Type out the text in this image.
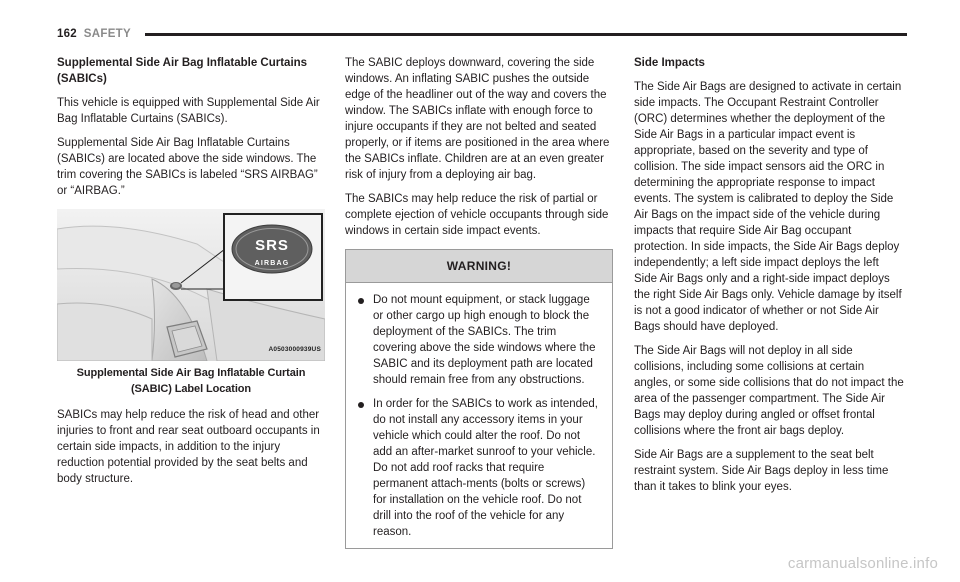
162 SAFETY
Supplemental Side Air Bag Inflatable Curtains (SABICs)

This vehicle is equipped with Supplemental Side Air Bag Inflatable Curtains (SABICs).

Supplemental Side Air Bag Inflatable Curtains (SABICs) are located above the side windows. The trim covering the SABICs is labeled “SRS AIRBAG” or “AIRBAG.”

SRS
AIRBAG
A0503000939US
Supplemental Side Air Bag Inflatable Curtain (SABIC) Label Location

SABICs may help reduce the risk of head and other injuries to front and rear seat outboard occupants in certain side impacts, in addition to the injury reduction potential provided by the seat belts and body structure.

The SABIC deploys downward, covering the side windows. An inflating SABIC pushes the outside edge of the headliner out of the way and covers the window. The SABICs inflate with enough force to injure occupants if they are not belted and seated properly, or if items are positioned in the area where the SABICs inflate. Children are at an even greater risk of injury from a deploying air bag.

The SABICs may help reduce the risk of partial or complete ejection of vehicle occupants through side windows in certain side impact events.

WARNING!
Do not mount equipment, or stack luggage or other cargo up high enough to block the deployment of the SABICs. The trim covering above the side windows where the SABIC and its deployment path are located should remain free from any obstructions.
In order for the SABICs to work as intended, do not install any accessory items in your vehicle which could alter the roof. Do not add an after-market sunroof to your vehicle. Do not add roof racks that require permanent attach-ments (bolts or screws) for installation on the vehicle roof. Do not drill into the roof of the vehicle for any reason.
Side Impacts

The Side Air Bags are designed to activate in certain side impacts. The Occupant Restraint Controller (ORC) determines whether the deployment of the Side Air Bags in a particular impact event is appropriate, based on the severity and type of collision. The side impact sensors aid the ORC in determining the appropriate response to impact events. The system is calibrated to deploy the Side Air Bags on the impact side of the vehicle during impacts that require Side Air Bag occupant protection. In side impacts, the Side Air Bags deploy independently; a left side impact deploys the left Side Air Bags only and a right-side impact deploys the right Side Air Bags only. Vehicle damage by itself is not a good indicator of whether or not Side Air Bags should have deployed.

The Side Air Bags will not deploy in all side collisions, including some collisions at certain angles, or some side collisions that do not impact the area of the passenger compartment. The Side Air Bags may deploy during angled or offset frontal collisions where the front air bags deploy.

Side Air Bags are a supplement to the seat belt restraint system. Side Air Bags deploy in less time than it takes to blink your eyes.

carmanualsonline.info
